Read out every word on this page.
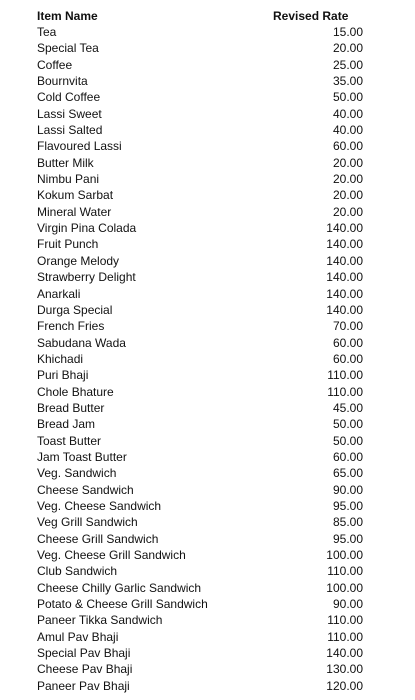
Item Name	Revised Rate
Tea	15.00
Special Tea	20.00
Coffee	25.00
Bournvita	35.00
Cold Coffee	50.00
Lassi Sweet	40.00
Lassi Salted	40.00
Flavoured Lassi	60.00
Butter Milk	20.00
Nimbu Pani	20.00
Kokum Sarbat	20.00
Mineral Water	20.00
Virgin Pina Colada	140.00
Fruit Punch	140.00
Orange Melody	140.00
Strawberry Delight	140.00
Anarkali	140.00
Durga Special	140.00
French Fries	70.00
Sabudana Wada	60.00
Khichadi	60.00
Puri Bhaji	110.00
Chole Bhature	110.00
Bread Butter	45.00
Bread Jam	50.00
Toast Butter	50.00
Jam Toast Butter	60.00
Veg. Sandwich	65.00
Cheese Sandwich	90.00
Veg. Cheese Sandwich	95.00
Veg Grill Sandwich	85.00
Cheese Grill Sandwich	95.00
Veg. Cheese Grill Sandwich	100.00
Club Sandwich	110.00
Cheese Chilly Garlic Sandwich	100.00
Potato & Cheese Grill Sandwich	90.00
Paneer Tikka Sandwich	110.00
Amul Pav Bhaji	110.00
Special Pav Bhaji	140.00
Cheese Pav Bhaji	130.00
Paneer Pav Bhaji	120.00
